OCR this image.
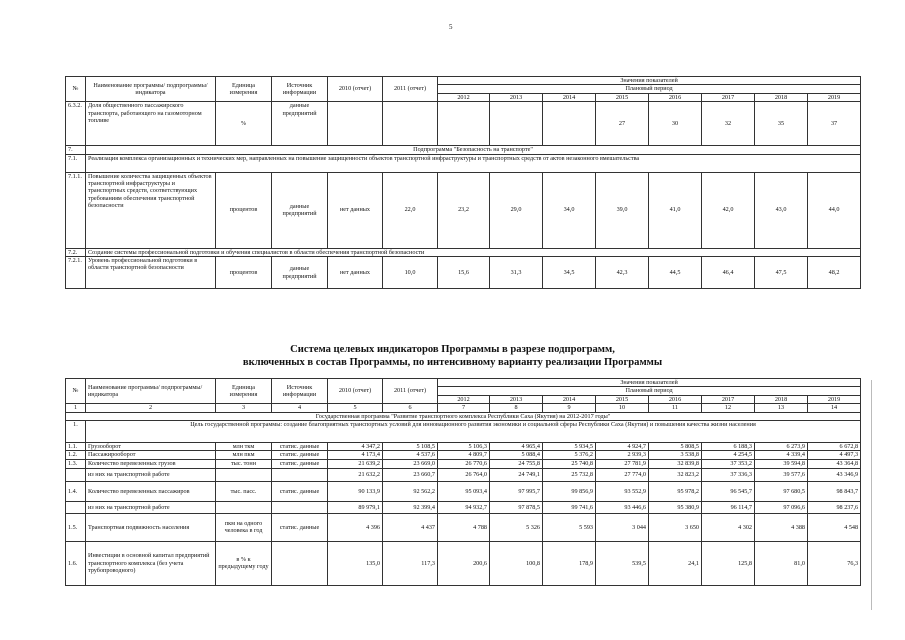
5
№	Наименование программы/ подпрограммы/ индикатора	Единица измерения	Источник информации	2010 (отчет)	2011 (отчет)	Значения показателей							
						Плановый период							
						2012	2013	2014	2015	2016	2017	2018	2019
6.3.2.	Доля общественного пассажирского транспорта, работающего на газомоторном топливе	%	данные предприятий						27	30	32	35	37
7.	Подпрограмма "Безопасность на транспорте"												
7.1.	Реализация комплекса организационных и технических мер, направленных на повышение защищенности объектов транспортной инфраструктуры и транспортных средств от актов незаконного вмешательства												
7.1.1.	Повышение количества защищенных объектов транспортной инфраструктуры и транспортных средств, соответствующих требованиям обеспечения транспортной безопасности	процентов	данные предприятий	нет данных	22,0	23,2	29,0	34,0	39,0	41,0	42,0	43,0	44,0
7.2.	Создание системы профессиональной подготовки и обучения специалистов в области обеспечения транспортной безопасности												
7.2.1.	Уровень профессиональной подготовки в области транспортной безопасности	процентов	данные предприятий	нет данных	10,0	15,6	31,3	34,5	42,3	44,5	46,4	47,5	48,2
Система целевых индикаторов Программы в разрезе подпрограмм,
включенных в состав Программы, по интенсивному варианту реализации Программы
№	Наименование программы/ подпрограммы/ индикатора	Единица измерения	Источник информации	2010 (отчет)	2011 (отчет)	Значения показателей							
						Плановый период							
						2012	2013	2014	2015	2016	2017	2018	2019
1	2	3	4	5	6	7	8	9	10	11	12	13	14
Государственная программа "Развитие транспортного комплекса Республики Саха (Якутия) на 2012-2017 годы"													
1.	Цель государственной программы: создание благоприятных транспортных условий для инновационного развития экономики и социальной сферы Республики Саха (Якутия) и повышения качества жизни населения												
1.1.	Грузооборот	млн ткм	статис. данные	4 347,2	5 108,5	5 106,3	4 965,4	5 934,5	4 924,7	5 808,5	6 188,3	6 273,9	6 672,8
1.2.	Пассажирооборот	млн пкм	статис. данные	4 173,4	4 537,6	4 809,7	5 088,4	5 376,2	2 939,3	3 538,8	4 254,5	4 339,4	4 497,3
1.3.	Количество перевезенных грузов	тыс. тонн	статис. данные	21 639,2	23 669,0	26 770,6	24 755,8	25 740,8	27 781,9	32 839,8	37 353,2	39 594,8	43 364,8
	из них на транспортной работе			21 632,2	23 660,7	26 764,0	24 749,1	25 732,8	27 774,0	32 823,2	37 336,3	39 577,6	43 346,9
1.4.	Количество перевезенных пассажиров	тыс. пасс.	статис. данные	90 133,9	92 562,2	95 093,4	97 995,7	99 856,9	93 552,9	95 978,2	96 545,7	97 680,5	98 843,7
	из них на транспортной работе			89 979,1	92 399,4	94 932,7	97 878,5	99 741,6	93 446,6	95 380,9	96 114,7	97 096,6	98 237,6
1.5.	Транспортная подвижность населения	пкм на одного человека в год	статис. данные	4 396	4 437	4 788	5 326	5 593	3 044	3 650	4 302	4 388	4 548
1.6.	Инвестиции в основной капитал предприятий транспортного комплекса (без учета трубопроводного)	в % к предыдущему году		135,0	117,3	200,6	100,8	178,9	539,5	24,1	125,8	81,0	76,3
